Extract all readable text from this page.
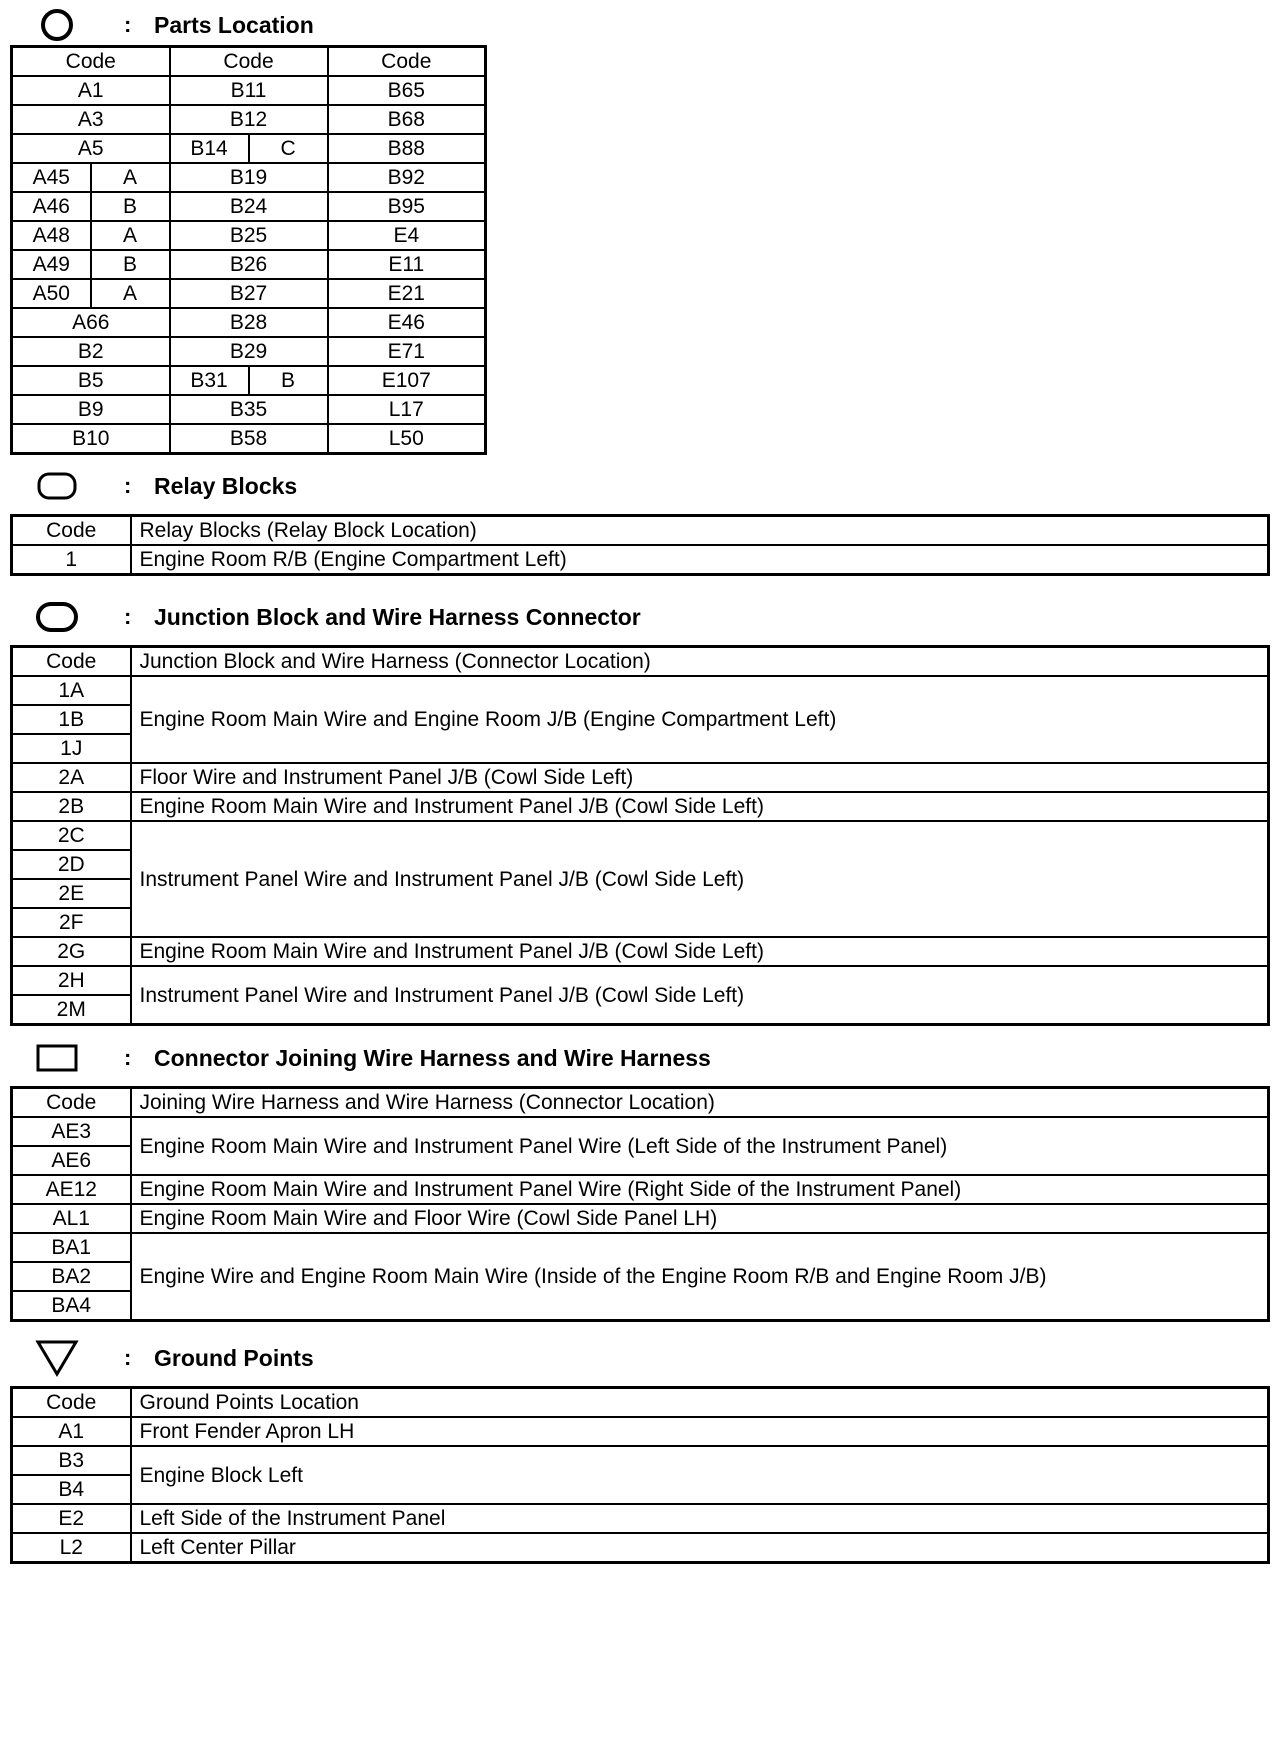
: Parts Location
Code		Code		Code
A1		B11		B65
A3		B12		B68
A5		B14	C	B88
A45	A	B19		B92
A46	B	B24		B95
A48	A	B25		E4
A49	B	B26		E11
A50	A	B27		E21
A66		B28		E46
B2		B29		E71
B5		B31	B	E107
B9		B35		L17
B10		B58		L50
: Relay Blocks
Code	Relay Blocks (Relay Block Location)
1	Engine Room R/B (Engine Compartment Left)
: Junction Block and Wire Harness Connector
Code	Junction Block and Wire Harness (Connector Location)
1A	Engine Room Main Wire and Engine Room J/B (Engine Compartment Left)
1B	
1J	
2A	Floor Wire and Instrument Panel J/B (Cowl Side Left)
2B	Engine Room Main Wire and Instrument Panel J/B (Cowl Side Left)
2C	Instrument Panel Wire and Instrument Panel J/B (Cowl Side Left)
2D	
2E	
2F	
2G	Engine Room Main Wire and Instrument Panel J/B (Cowl Side Left)
2H	Instrument Panel Wire and Instrument Panel J/B (Cowl Side Left)
2M	
: Connector Joining Wire Harness and Wire Harness
Code	Joining Wire Harness and Wire Harness (Connector Location)
AE3	Engine Room Main Wire and Instrument Panel Wire (Left Side of the Instrument Panel)
AE6	
AE12	Engine Room Main Wire and Instrument Panel Wire (Right Side of the Instrument Panel)
AL1	Engine Room Main Wire and Floor Wire (Cowl Side Panel LH)
BA1	Engine Wire and Engine Room Main Wire (Inside of the Engine Room R/B and Engine Room J/B)
BA2	
BA4	
: Ground Points
Code	Ground Points Location
A1	Front Fender Apron LH
B3	Engine Block Left
B4	
E2	Left Side of the Instrument Panel
L2	Left Center Pillar
